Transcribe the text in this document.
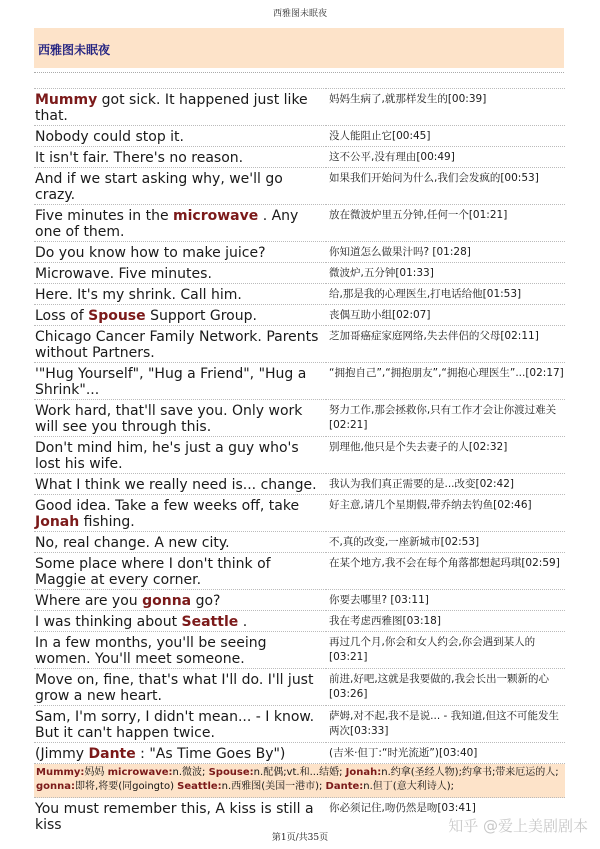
西雅图未眠夜
西雅图未眠夜
Mummy got sick. It happened just like that.	妈妈生病了,就那样发生的[00:39]
Nobody could stop it.	没人能阻止它[00:45]
It isn't fair. There's no reason.	这不公平,没有理由[00:49]
And if we start asking why, we'll go crazy.	如果我们开始问为什么,我们会发疯的[00:53]
Five minutes in the microwave . Any one of them.	放在微波炉里五分钟,任何一个[01:21]
Do you know how to make juice?	你知道怎么做果汁吗? [01:28]
Microwave. Five minutes.	微波炉,五分钟[01:33]
Here. It's my shrink. Call him.	给,那是我的心理医生,打电话给他[01:53]
Loss of Spouse Support Group.	丧偶互助小组[02:07]
Chicago Cancer Family Network. Parents without Partners.	芝加哥癌症家庭网络,失去伴侣的父母[02:11]
'"Hug Yourself", "Hug a Friend", "Hug a Shrink"...	“拥抱自己”,“拥抱朋友”,“拥抱心理医生”...[02:17]
Work hard, that'll save you. Only work will see you through this.	努力工作,那会拯救你,只有工作才会让你渡过难关[02:21]
Don't mind him, he's just a guy who's lost his wife.	别理他,他只是个失去妻子的人[02:32]
What I think we really need is... change.	我认为我们真正需要的是...改变[02:42]
Good idea. Take a few weeks off, take Jonah fishing.	好主意,请几个星期假,带乔纳去钓鱼[02:46]
No, real change. A new city.	不,真的改变,一座新城市[02:53]
Some place where I don't think of Maggie at every corner.	在某个地方,我不会在每个角落都想起玛琪[02:59]
Where are you gonna go?	你要去哪里? [03:11]
I was thinking about Seattle .	我在考虑西雅图[03:18]
In a few months, you'll be seeing women. You'll meet someone.	再过几个月,你会和女人约会,你会遇到某人的[03:21]
Move on, fine, that's what I'll do. I'll just grow a new heart.	前进,好吧,这就是我要做的,我会长出一颗新的心[03:26]
Sam, I'm sorry, I didn't mean... - I know. But it can't happen twice.	萨姆,对不起,我不是说... - 我知道,但这不可能发生两次[03:33]
(Jimmy Dante : "As Time Goes By")	(吉米·但丁:“时光流逝”)[03:40]
Mummy:妈妈 microwave:n.微波; Spouse:n.配偶;vt.和...结婚; Jonah:n.约拿(圣经人物);约拿书;带来厄运的人; gonna:即将,将要(同goingto) Seattle:n.西雅图(美国一港市); Dante:n.但丁(意大利诗人);	
You must remember this, A kiss is still a kiss	你必须记住,吻仍然是吻[03:41]
第1页/共35页
知乎 @爱上美剧剧本
